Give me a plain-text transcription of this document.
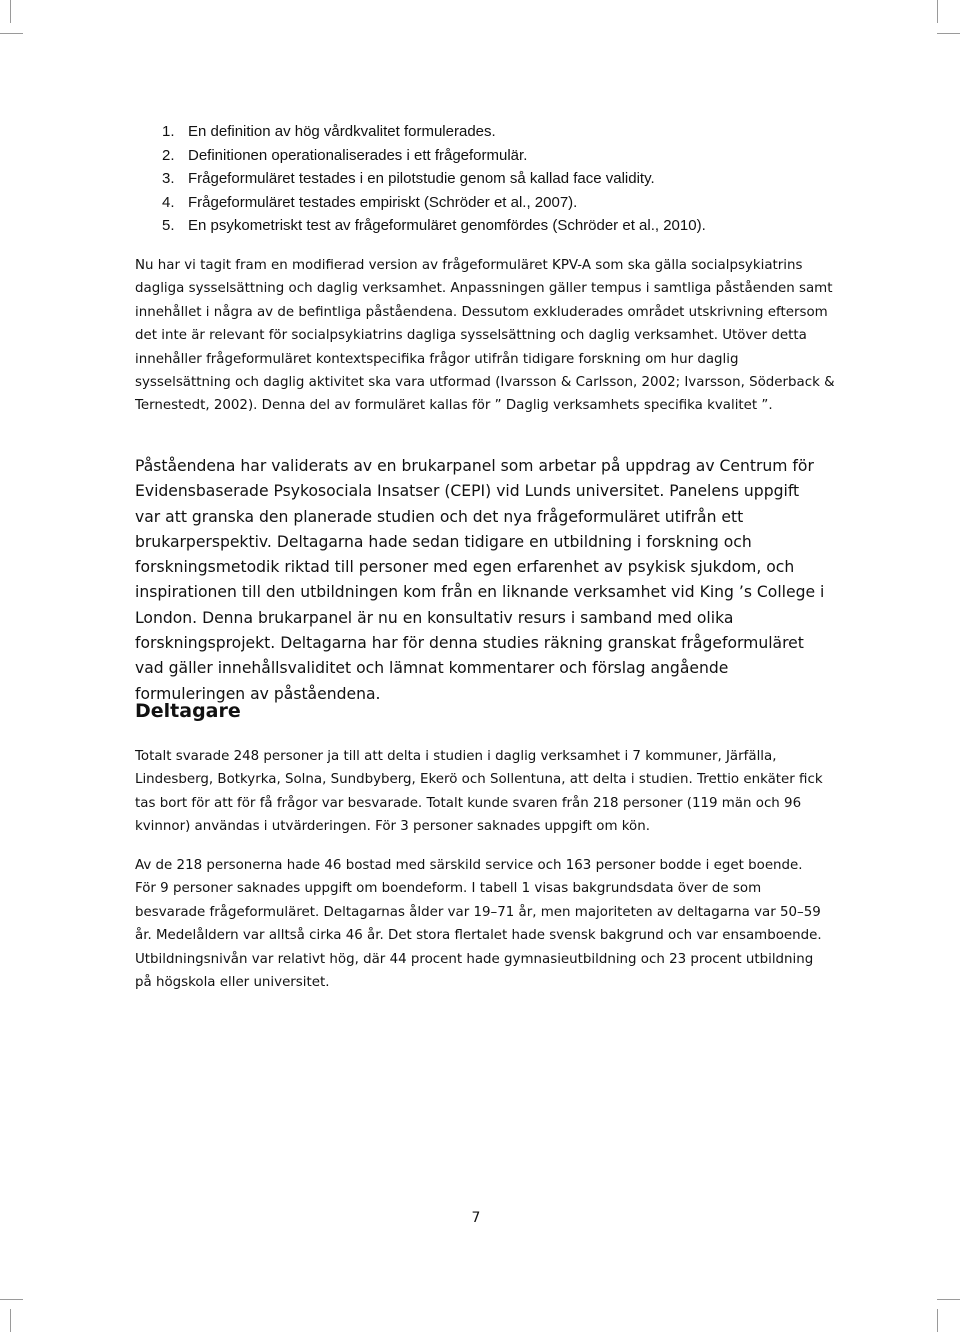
1. En definition av hög vårdkvalitet formulerades.
2. Definitionen operationaliserades i ett frågeformulär.
3. Frågeformuläret testades i en pilotstudie genom så kallad face validity.
4. Frågeformuläret testades empiriskt (Schröder et al., 2007).
5. En psykometriskt test av frågeformuläret genomfördes (Schröder et al., 2010).

Nu har vi tagit fram en modifierad version av frågeformuläret KPV-A som ska gälla socialpsykiatrins dagliga sysselsättning och daglig verksamhet. Anpassningen gäller tempus i samtliga påståenden samt innehållet i några av de befintliga påståendena. Dessutom exkluderades området utskrivning eftersom det inte är relevant för socialpsykiatrins dagliga sysselsättning och daglig verksamhet. Utöver detta innehåller frågeformuläret kontextspecifika frågor utifrån tidigare forskning om hur daglig sysselsättning och daglig aktivitet ska vara utformad (Ivarsson & Carlsson, 2002; Ivarsson, Söderback & Ternestedt, 2002). Denna del av formuläret kallas för ” Daglig verksamhets specifika kvalitet ”.

Påståendena har validerats av en brukarpanel som arbetar på uppdrag av Centrum för Evidensbaserade Psykosociala Insatser (CEPI) vid Lunds universitet. Panelens uppgift var att granska den planerade studien och det nya frågeformuläret utifrån ett brukarperspektiv. Deltagarna hade sedan tidigare en utbildning i forskning och forskningsmetodik riktad till personer med egen erfarenhet av psykisk sjukdom, och inspirationen till den utbildningen kom från en liknande verksamhet vid King ’s College i London. Denna brukarpanel är nu en konsultativ resurs i samband med olika forskningsprojekt. Deltagarna har för denna studies räkning granskat frågeformuläret vad gäller innehållsvaliditet och lämnat kommentarer och förslag angående formuleringen av påståendena.

Deltagare

Totalt svarade 248 personer ja till att delta i studien i daglig verksamhet i 7 kommuner, Järfälla, Lindesberg, Botkyrka, Solna, Sundbyberg, Ekerö och Sollentuna, att delta i studien. Trettio enkäter fick tas bort för att för få frågor var besvarade. Totalt kunde svaren från 218 personer (119 män och 96 kvinnor) användas i utvärderingen. För 3 personer saknades uppgift om kön.

Av de 218 personerna hade 46 bostad med särskild service och 163 personer bodde i eget boende. För 9 personer saknades uppgift om boendeform. I tabell 1 visas bakgrundsdata över de som besvarade frågeformuläret. Deltagarnas ålder var 19–71 år, men majoriteten av deltagarna var 50–59 år. Medelåldern var alltså cirka 46 år. Det stora flertalet hade svensk bakgrund och var ensamboende. Utbildningsnivån var relativt hög, där 44 procent hade gymnasieutbildning och 23 procent utbildning på högskola eller universitet.

7
